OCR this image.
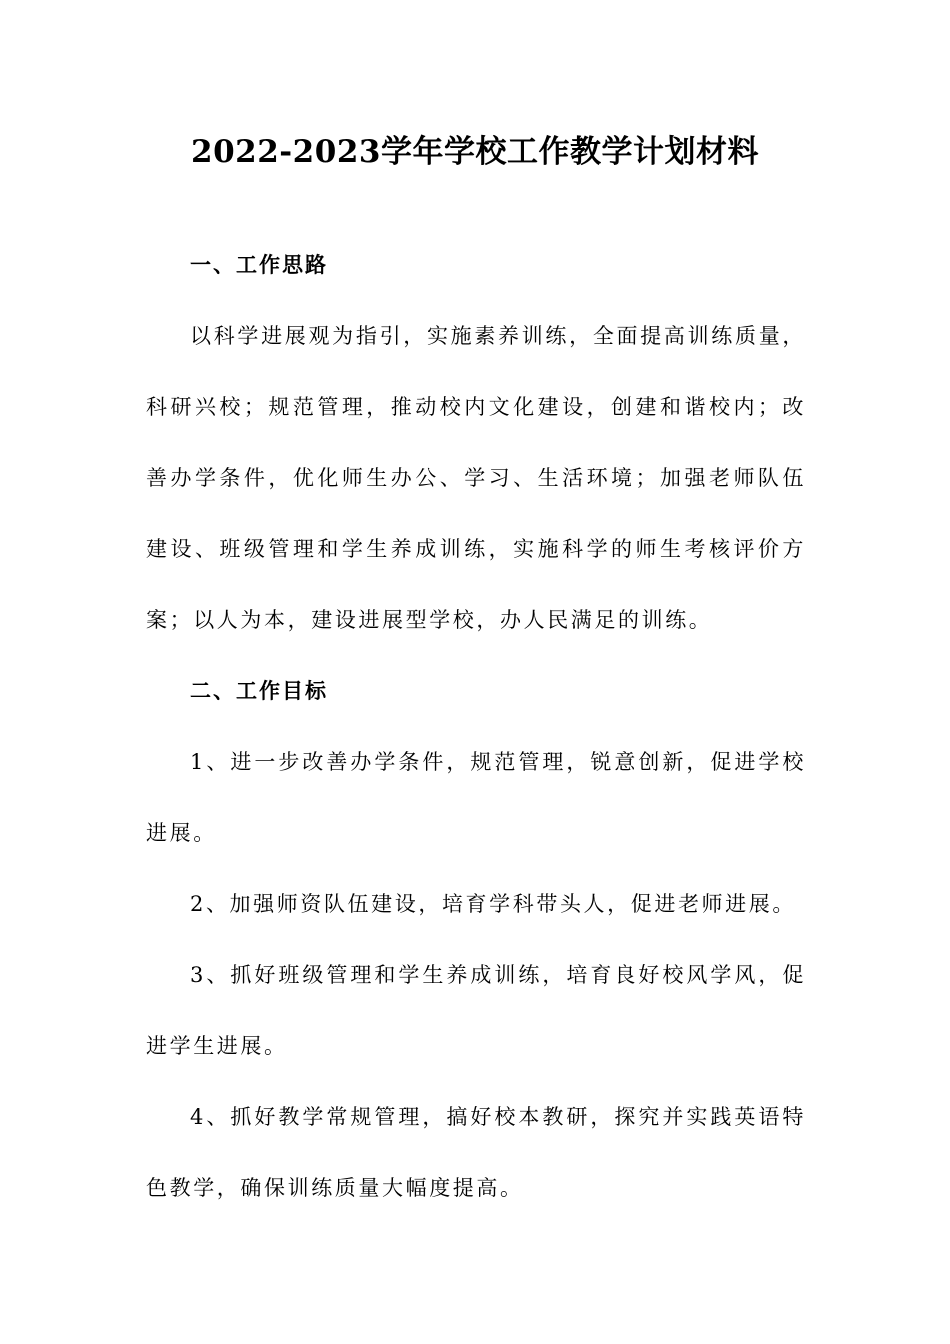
2022-2023学年学校工作教学计划材料

一、工作思路

以科学进展观为指引，实施素养训练，全面提高训练质量，科研兴校；规范管理，推动校内文化建设，创建和谐校内；改善办学条件，优化师生办公、学习、生活环境；加强老师队伍建设、班级管理和学生养成训练，实施科学的师生考核评价方案；以人为本，建设进展型学校，办人民满足的训练。

二、工作目标

1、进一步改善办学条件，规范管理，锐意创新，促进学校进展。

2、加强师资队伍建设，培育学科带头人，促进老师进展。

3、抓好班级管理和学生养成训练，培育良好校风学风，促进学生进展。

4、抓好教学常规管理，搞好校本教研，探究并实践英语特色教学，确保训练质量大幅度提高。
